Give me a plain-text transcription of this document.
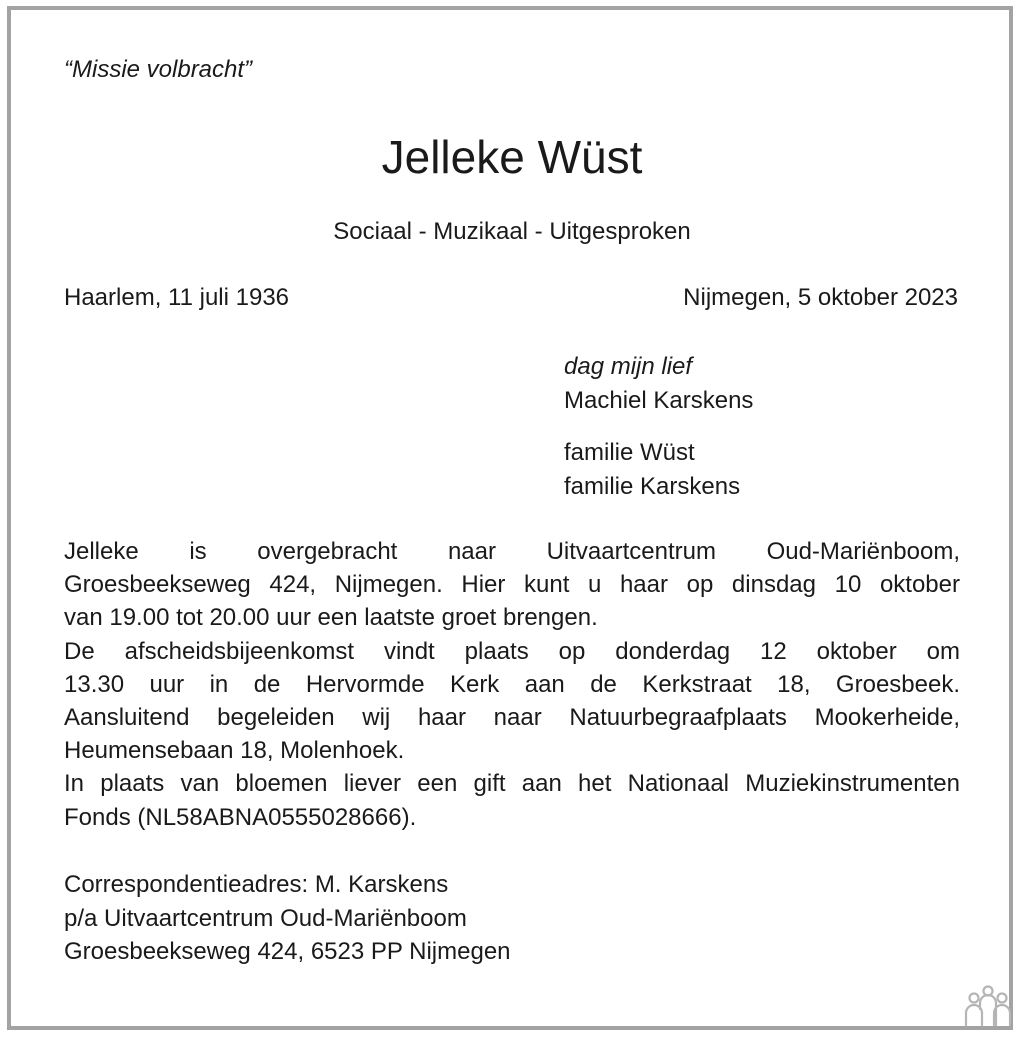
“Missie volbracht”
Jelleke Wüst
Sociaal - Muzikaal - Uitgesproken
Haarlem, 11 juli 1936	Nijmegen, 5 oktober 2023
dag mijn lief
Machiel Karskens
familie Wüst
familie Karskens
Jelleke is overgebracht naar Uitvaartcentrum Oud-Mariënboom,
Groesbeekseweg 424, Nijmegen. Hier kunt u haar op dinsdag 10 oktober
van 19.00 tot 20.00 uur een laatste groet brengen.
De afscheidsbijeenkomst vindt plaats op donderdag 12 oktober om
13.30 uur in de Hervormde Kerk aan de Kerkstraat 18, Groesbeek.
Aansluitend begeleiden wij haar naar Natuurbegraafplaats Mookerheide,
Heumensebaan 18, Molenhoek.
In plaats van bloemen liever een gift aan het Nationaal Muziekinstrumenten
Fonds (NL58ABNA0555028666).
Correspondentieadres: M. Karskens
p/a Uitvaartcentrum Oud-Mariënboom
Groesbeekseweg 424, 6523 PP Nijmegen
